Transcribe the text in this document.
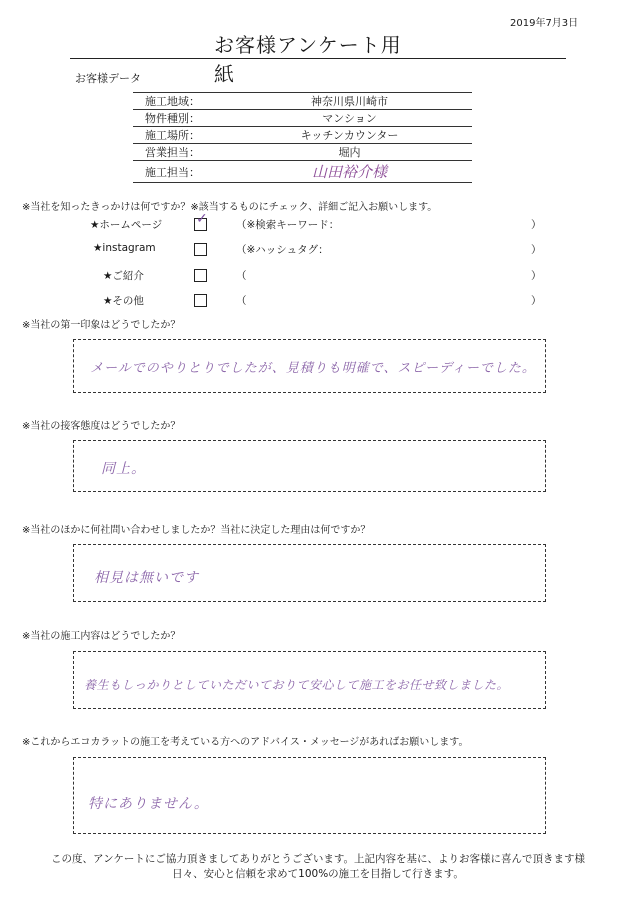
2019年7月3日
お客様アンケート用紙
お客様データ
施工地域：	神奈川県川崎市
物件種別：	マンション
施工場所：	キッチンカウンター
営業担当：	堀内
施工担当：	山田裕介様
※当社を知ったきっかけは何ですか？※該当するものにチェック、詳細ご記入お願いします。
★ホームページ ✓	（※検索キーワード：	）
★instagram	（※ハッシュタグ：	）
★ご紹介	（	）
★その他	（	）
※当社の第一印象はどうでしたか？
メールでのやりとりでしたが、見積りも明確で、スピーディーでした。
※当社の接客態度はどうでしたか？
同上。
※当社のほかに何社問い合わせしましたか？当社に決定した理由は何ですか？
相見は無いです
※当社の施工内容はどうでしたか？
養生もしっかりとしていただいておりて安心して施工をお任せ致しました。
※これからエコカラットの施工を考えている方へのアドバイス・メッセージがあればお願いします。
特にありません。
この度、アンケートにご協力頂きましてありがとうございます。上記内容を基に、よりお客様に喜んで頂きます様
日々、安心と信頼を求めて100%の施工を目指して行きます。
